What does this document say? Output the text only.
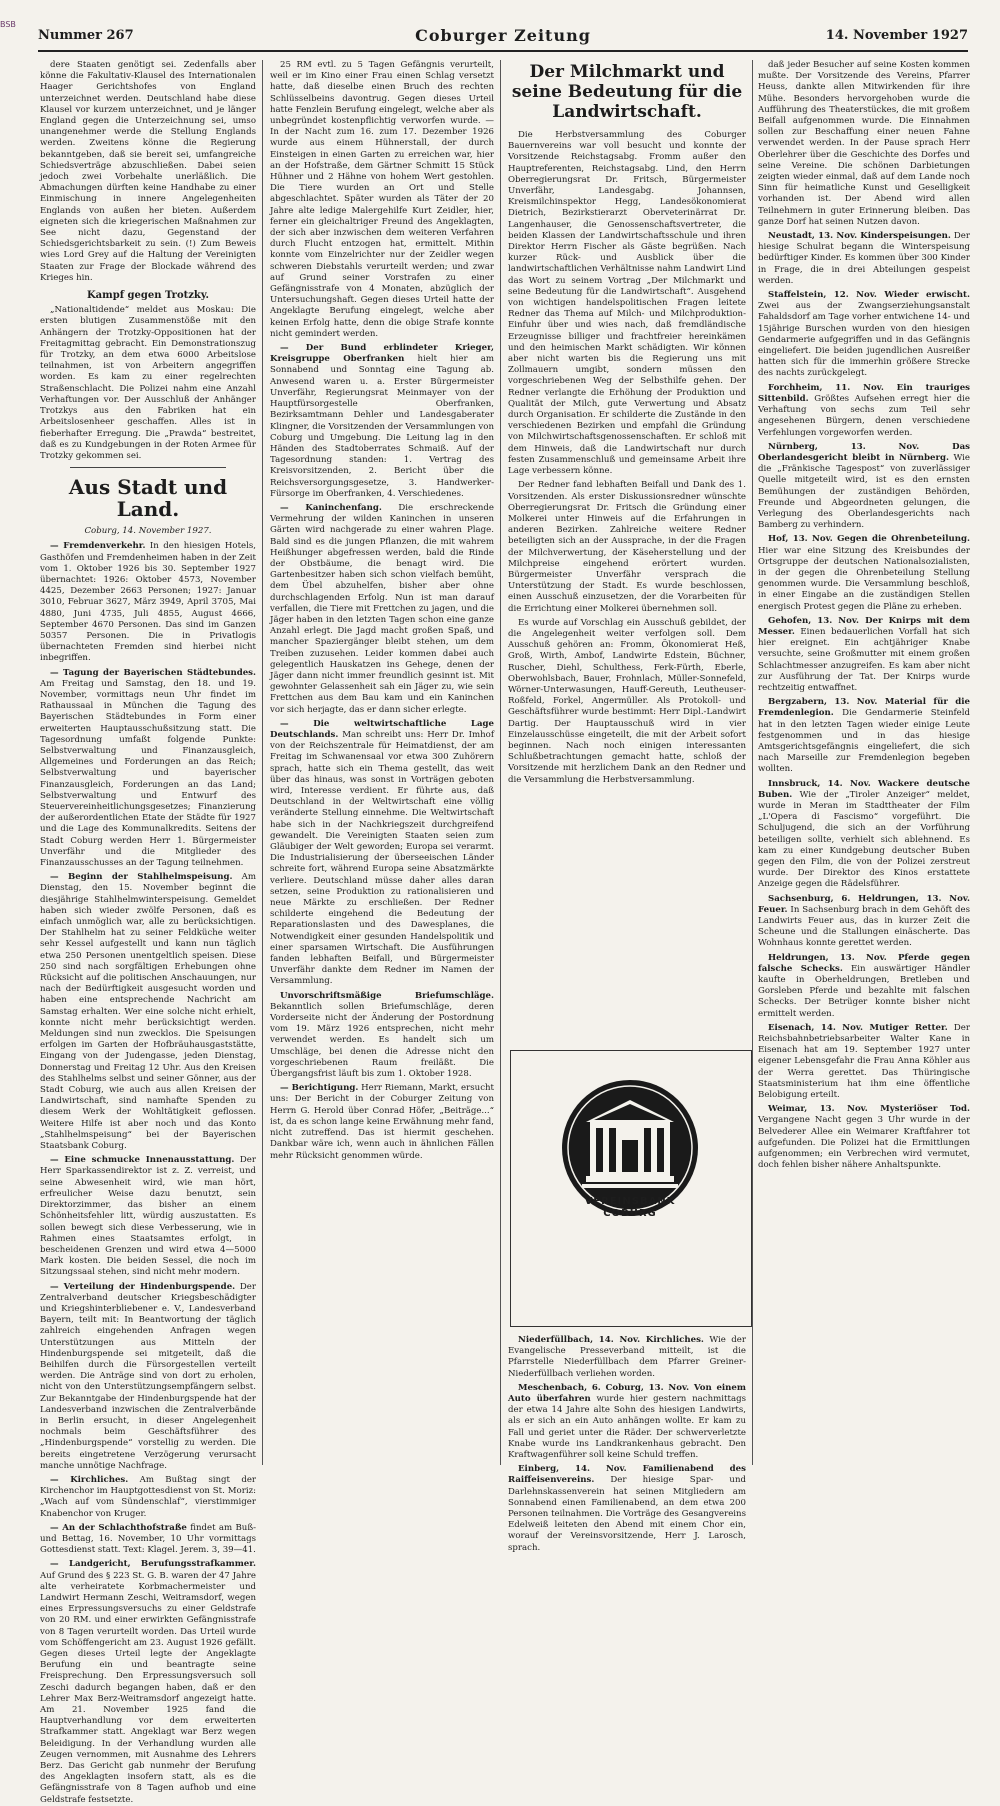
BSB
Nummer 267	Coburger Zeitung	14. November 1927

dere Staaten genötigt sei. Zedenfalls aber könne die Fakultativ-Klausel des Internationalen Haager Gerichtshofes von England unterzeichnet werden. Deutschland habe diese Klausel vor kurzem unterzeichnet, und je länger England gegen die Unterzeichnung sei, umso unangenehmer werde die Stellung Englands werden. Zweitens könne die Regierung bekanntgeben, daß sie bereit sei, umfangreiche Schiedsverträge abzuschließen. Dabei seien jedoch zwei Vorbehalte unerläßlich. Die Abmachungen dürften keine Handhabe zu einer Einmischung in innere Angelegenheiten Englands von außen her bieten. Außerdem eigneten sich die kriegerischen Maßnahmen zur See nicht dazu, Gegenstand der Schiedsgerichtsbarkeit zu sein. (!) Zum Beweis wies Lord Grey auf die Haltung der Vereinigten Staaten zur Frage der Blockade während des Krieges hin.

Kampf gegen Trotzky.

„Nationaltidende“ meldet aus Moskau: Die ersten blutigen Zusammenstöße mit den Anhängern der Trotzky-Oppositionen hat der Freitagmittag gebracht. Ein Demonstrationszug für Trotzky, an dem etwa 6000 Arbeitslose teilnahmen, ist von Arbeitern angegriffen worden. Es kam zu einer regelrechten Straßenschlacht. Die Polizei nahm eine Anzahl Verhaftungen vor. Der Ausschluß der Anhänger Trotzkys aus den Fabriken hat ein Arbeitslosenheer geschaffen. Alles ist in fieberhafter Erregung. Die „Prawda“ bestreitet, daß es zu Kundgebungen in der Roten Armee für Trotzky gekommen sei.

Aus Stadt und Land.
Coburg, 14. November 1927.

— Fremdenverkehr. In den hiesigen Hotels, Gasthöfen und Fremdenheimen haben in der Zeit vom 1. Oktober 1926 bis 30. September 1927 übernachtet: 1926: Oktober 4573, November 4425, Dezember 2663 Personen; 1927: Januar 3010, Februar 3627, März 3949, April 3705, Mai 4880, Juni 4735, Juli 4855, August 4666, September 4670 Personen. Das sind im Ganzen 50357 Personen. Die in Privatlogis übernachteten Fremden sind hierbei nicht inbegriffen.

— Tagung der Bayerischen Städtebundes. Am Freitag und Samstag, den 18. und 19. November, vormittags neun Uhr findet im Rathaussaal in München die Tagung des Bayerischen Städtebundes in Form einer erweiterten Hauptausschußsitzung statt. Die Tagesordnung umfaßt folgende Punkte: Selbstverwaltung und Finanzausgleich, Allgemeines und Forderungen an das Reich; Selbstverwaltung und bayerischer Finanzausgleich, Forderungen an das Land; Selbstverwaltung und Entwurf des Steuervereinheitlichungsgesetzes; Finanzierung der außerordentlichen Etate der Städte für 1927 und die Lage des Kommunalkredits. Seitens der Stadt Coburg werden Herr 1. Bürgermeister Unverfähr und die Mitglieder des Finanzausschusses an der Tagung teilnehmen.

— Beginn der Stahlhelmspeisung. Am Dienstag, den 15. November beginnt die diesjährige Stahlhelmwinterspeisung. Gemeldet haben sich wieder zwölfe Personen, daß es einfach unmöglich war, alle zu berücksichtigen. Der Stahlhelm hat zu seiner Feldküche weiter sehr Kessel aufgestellt und kann nun täglich etwa 250 Personen unentgeltlich speisen. Diese 250 sind nach sorgfältigen Erhebungen ohne Rücksicht auf die politischen Anschauungen, nur nach der Bedürftigkeit ausgesucht worden und haben eine entsprechende Nachricht am Samstag erhalten. Wer eine solche nicht erhielt, konnte nicht mehr berücksichtigt werden. Meldungen sind nun zwecklos. Die Speisungen erfolgen im Garten der Hofbräuhausgaststätte, Eingang von der Judengasse, jeden Dienstag, Donnerstag und Freitag 12 Uhr. Aus den Kreisen des Stahlhelms selbst und seiner Gönner, aus der Stadt Coburg, wie auch aus allen Kreisen der Landwirtschaft, sind namhafte Spenden zu diesem Werk der Wohltätigkeit geflossen. Weitere Hilfe ist aber noch und das Konto „Stahlhelmspeisung“ bei der Bayerischen Staatsbank Coburg.

— Eine schmucke Innenausstattung. Der Herr Sparkassendirektor ist z. Z. verreist, und seine Abwesenheit wird, wie man hört, erfreulicher Weise dazu benutzt, sein Direktorzimmer, das bisher an einem Schönheitsfehler litt, würdig auszustatten. Es sollen bewegt sich diese Verbesserung, wie in Rahmen eines Staatsamtes erfolgt, in bescheidenen Grenzen und wird etwa 4—5000 Mark kosten. Die beiden Sessel, die noch im Sitzungssaal stehen, sind nicht mehr modern.

— Verteilung der Hindenburgspende. Der Zentralverband deutscher Kriegsbeschädigter und Kriegshinterbliebener e. V., Landesverband Bayern, teilt mit: In Beantwortung der täglich zahlreich eingehenden Anfragen wegen Unterstützungen aus Mitteln der Hindenburgspende sei mitgeteilt, daß die Beihilfen durch die Fürsorgestellen verteilt werden. Die Anträge sind von dort zu erholen, nicht von den Unterstützungsempfängern selbst. Zur Bekanntgabe der Hindenburgspende hat der Landesverband inzwischen die Zentralverbände in Berlin ersucht, in dieser Angelegenheit nochmals beim Geschäftsführer des „Hindenburgspende“ vorstellig zu werden. Die bereits eingetretene Verzögerung verursacht manche unnötige Nachfrage.

— Kirchliches. Am Bußtag singt der Kirchenchor im Hauptgottesdienst von St. Moriz: „Wach auf vom Sündenschlaf“, vierstimmiger Knabenchor von Kruger.

— An der Schlachthofstraße findet am Buß- und Bettag, 16. November, 10 Uhr vormittags Gottesdienst statt. Text: Klagel. Jerem. 3, 39—41.

— Landgericht, Berufungsstrafkammer. Auf Grund des § 223 St. G. B. waren der 47 Jahre alte verheiratete Korbmachermeister und Landwirt Hermann Zeschi, Weitramsdorf, wegen eines Erpressungsversuchs zu einer Geldstrafe von 20 RM. und einer erwirkten Gefängnisstrafe von 8 Tagen verurteilt worden. Das Urteil wurde vom Schöffengericht am 23. August 1926 gefällt. Gegen dieses Urteil legte der Angeklagte Berufung ein und beantragte seine Freisprechung. Den Erpressungsversuch soll Zeschi dadurch begangen haben, daß er den Lehrer Max Berz-Weitramsdorf angezeigt hatte. Am 21. November 1925 fand die Hauptverhandlung vor dem erweiterten Strafkammer statt. Angeklagt war Berz wegen Beleidigung. In der Verhandlung wurden alle Zeugen vernommen, mit Ausnahme des Lehrers Berz. Das Gericht gab nunmehr der Berufung des Angeklagten insofern statt, als es die Gefängnisstrafe von 8 Tagen aufhob und eine Geldstrafe festsetzte.

25 RM evtl. zu 5 Tagen Gefängnis verurteilt, weil er im Kino einer Frau einen Schlag versetzt hatte, daß dieselbe einen Bruch des rechten Schlüsselbeins davontrug. Gegen dieses Urteil hatte Fenzlein Berufung eingelegt, welche aber als unbegründet kostenpflichtig verworfen wurde. — In der Nacht zum 16. zum 17. Dezember 1926 wurde aus einem Hühnerstall, der durch Einsteigen in einen Garten zu erreichen war, hier an der Hofstraße, dem Gärtner Schmitt 15 Stück Hühner und 2 Hähne von hohem Wert gestohlen. Die Tiere wurden an Ort und Stelle abgeschlachtet. Später wurden als Täter der 20 Jahre alte ledige Malergehilfe Kurt Zeidler, hier, ferner ein gleichaltriger Freund des Angeklagten, der sich aber inzwischen dem weiteren Verfahren durch Flucht entzogen hat, ermittelt. Mithin konnte vom Einzelrichter nur der Zeidler wegen schweren Diebstahls verurteilt werden; und zwar auf Grund seiner Vorstrafen zu einer Gefängnisstrafe von 4 Monaten, abzüglich der Untersuchungshaft. Gegen dieses Urteil hatte der Angeklagte Berufung eingelegt, welche aber keinen Erfolg hatte, denn die obige Strafe konnte nicht gemindert werden.

— Der Bund erblindeter Krieger, Kreisgruppe Oberfranken hielt hier am Sonnabend und Sonntag eine Tagung ab. Anwesend waren u. a. Erster Bürgermeister Unverfähr, Regierungsrat Meinmayer von der Hauptfürsorgestelle Oberfranken, Bezirksamtmann Dehler und Landesgaberater Klingner, die Vorsitzenden der Versammlungen von Coburg und Umgebung. Die Leitung lag in den Händen des Stadtoberrates Schmaiß. Auf der Tagesordnung standen: 1. Vertrag des Kreisvorsitzenden, 2. Bericht über die Reichsversorgungsgesetze, 3. Handwerker-Fürsorge im Oberfranken, 4. Verschiedenes.

— Kaninchenfang. Die erschreckende Vermehrung der wilden Kaninchen in unseren Gärten wird nachgerade zu einer wahren Plage. Bald sind es die jungen Pflanzen, die mit wahrem Heißhunger abgefressen werden, bald die Rinde der Obstbäume, die benagt wird. Die Gartenbesitzer haben sich schon vielfach bemüht, dem Übel abzuhelfen, bisher aber ohne durchschlagenden Erfolg. Nun ist man darauf verfallen, die Tiere mit Frettchen zu jagen, und die Jäger haben in den letzten Tagen schon eine ganze Anzahl erlegt. Die Jagd macht großen Spaß, und mancher Spaziergänger bleibt stehen, um dem Treiben zuzusehen. Leider kommen dabei auch gelegentlich Hauskatzen ins Gehege, denen der Jäger dann nicht immer freundlich gesinnt ist. Mit gewohnter Gelassenheit sah ein Jäger zu, wie sein Frettchen aus dem Bau kam und ein Kaninchen vor sich herjagte, das er dann sicher erlegte.

— Die weltwirtschaftliche Lage Deutschlands. Man schreibt uns: Herr Dr. Imhof von der Reichszentrale für Heimatdienst, der am Freitag im Schwanensaal vor etwa 300 Zuhörern sprach, hatte sich ein Thema gestellt, das weit über das hinaus, was sonst in Vorträgen geboten wird, Interesse verdient. Er führte aus, daß Deutschland in der Weltwirtschaft eine völlig veränderte Stellung einnehme. Die Weltwirtschaft habe sich in der Nachkriegszeit durchgreifend gewandelt. Die Vereinigten Staaten seien zum Gläubiger der Welt geworden; Europa sei verarmt. Die Industrialisierung der überseeischen Länder schreite fort, während Europa seine Absatzmärkte verliere. Deutschland müsse daher alles daran setzen, seine Produktion zu rationalisieren und neue Märkte zu erschließen. Der Redner schilderte eingehend die Bedeutung der Reparationslasten und des Dawesplanes, die Notwendigkeit einer gesunden Handelspolitik und einer sparsamen Wirtschaft. Die Ausführungen fanden lebhaften Beifall, und Bürgermeister Unverfähr dankte dem Redner im Namen der Versammlung.

Unvorschriftsmäßige Briefumschläge. Bekanntlich sollen Briefumschläge, deren Vorderseite nicht der Änderung der Postordnung vom 19. März 1926 entsprechen, nicht mehr verwendet werden. Es handelt sich um Umschläge, bei denen die Adresse nicht den vorgeschriebenen Raum freiläßt. Die Übergangsfrist läuft bis zum 1. Oktober 1928.

— Berichtigung. Herr Riemann, Markt, ersucht uns: Der Bericht in der Coburger Zeitung von Herrn G. Herold über Conrad Höfer, „Beiträge...“ ist, da es schon lange keine Erwähnung mehr fand, nicht zutreffend. Das ist hiermit geschehen. Dankbar wäre ich, wenn auch in ähnlichen Fällen mehr Rücksicht genommen würde.

Der Milchmarkt und seine Bedeutung für die Landwirtschaft.

Die Herbstversammlung des Coburger Bauernvereins war voll besucht und konnte der Vorsitzende Reichstagsabg. Fromm außer den Hauptreferenten, Reichstagsabg. Lind, den Herrn Oberregierungsrat Dr. Fritsch, Bürgermeister Unverfähr, Landesgabg. Johannsen, Kreismilchinspektor Hegg, Landesökonomierat Dietrich, Bezirkstierarzt Oberveterinärrat Dr. Langenhauser, die Genossenschaftsvertreter, die beiden Klassen der Landwirtschaftsschule und ihren Direktor Herrn Fischer als Gäste begrüßen. Nach kurzer Rück- und Ausblick über die landwirtschaftlichen Verhältnisse nahm Landwirt Lind das Wort zu seinem Vortrag „Der Milchmarkt und seine Bedeutung für die Landwirtschaft“. Ausgehend von wichtigen handelspolitischen Fragen leitete Redner das Thema auf Milch- und Milchproduktion-Einfuhr über und wies nach, daß fremdländische Erzeugnisse billiger und frachtfreier hereinkämen und den heimischen Markt schädigten. Wir können aber nicht warten bis die Regierung uns mit Zollmauern umgibt, sondern müssen den vorgeschriebenen Weg der Selbsthilfe gehen. Der Redner verlangte die Erhöhung der Produktion und Qualität der Milch, gute Verwertung und Absatz durch Organisation. Er schilderte die Zustände in den verschiedenen Bezirken und empfahl die Gründung von Milchwirtschaftsgenossenschaften. Er schloß mit dem Hinweis, daß die Landwirtschaft nur durch festen Zusammenschluß und gemeinsame Arbeit ihre Lage verbessern könne.

Der Redner fand lebhaften Beifall und Dank des 1. Vorsitzenden. Als erster Diskussionsredner wünschte Oberregierungsrat Dr. Fritsch die Gründung einer Molkerei unter Hinweis auf die Erfahrungen in anderen Bezirken. Zahlreiche weitere Redner beteiligten sich an der Aussprache, in der die Fragen der Milchverwertung, der Käseherstellung und der Milchpreise eingehend erörtert wurden. Bürgermeister Unverfähr versprach die Unterstützung der Stadt. Es wurde beschlossen, einen Ausschuß einzusetzen, der die Vorarbeiten für die Errichtung einer Molkerei übernehmen soll.

Es wurde auf Vorschlag ein Ausschuß gebildet, der die Angelegenheit weiter verfolgen soll. Dem Ausschuß gehören an: Fromm, Ökonomierat Heß, Groß, Wirth, Ambof, Landwirte Edstein, Büchner, Ruscher, Diehl, Schulthess, Ferk-Fürth, Eberle, Oberwohlsbach, Bauer, Frohnlach, Müller-Sonnefeld, Wörner-Unterwasungen, Hauff-Gereuth, Leutheuser-Roßfeld, Forkel, Angermüller. Als Protokoll- und Geschäftsführer wurde bestimmt: Herr Dipl.-Landwirt Dartig. Der Hauptausschuß wird in vier Einzelausschüsse eingeteilt, die mit der Arbeit sofort beginnen. Nach noch einigen interessanten Schlußbetrachtungen gemacht hatte, schloß der Vorsitzende mit herzlichem Dank an den Redner und die Versammlung die Herbstversammlung.

VEREINSBANK
COBURG

Niederfüllbach, 14. Nov. Kirchliches. Wie der Evangelische Presseverband mitteilt, ist die Pfarrstelle Niederfüllbach dem Pfarrer Greiner-Niederfüllbach verliehen worden.

Meschenbach, 6. Coburg, 13. Nov. Von einem Auto überfahren wurde hier gestern nachmittags der etwa 14 Jahre alte Sohn des hiesigen Landwirts, als er sich an ein Auto anhängen wollte. Er kam zu Fall und geriet unter die Räder. Der schwerverletzte Knabe wurde ins Landkrankenhaus gebracht. Den Kraftwagenführer soll keine Schuld treffen.

Einberg, 14. Nov. Familienabend des Raiffeisenvereins. Der hiesige Spar- und Darlehnskassenverein hat seinen Mitgliedern am Sonnabend einen Familienabend, an dem etwa 200 Personen teilnahmen. Die Vorträge des Gesangvereins Edelweiß leiteten den Abend mit einem Chor ein, worauf der Vereinsvorsitzende, Herr J. Larosch, sprach.

daß jeder Besucher auf seine Kosten kommen mußte. Der Vorsitzende des Vereins, Pfarrer Heuss, dankte allen Mitwirkenden für ihre Mühe. Besonders hervorgehoben wurde die Aufführung des Theaterstückes, die mit großem Beifall aufgenommen wurde. Die Einnahmen sollen zur Beschaffung einer neuen Fahne verwendet werden. In der Pause sprach Herr Oberlehrer über die Geschichte des Dorfes und seine Vereine. Die schönen Darbietungen zeigten wieder einmal, daß auf dem Lande noch Sinn für heimatliche Kunst und Geselligkeit vorhanden ist. Der Abend wird allen Teilnehmern in guter Erinnerung bleiben. Das ganze Dorf hat seinen Nutzen davon.

Neustadt, 13. Nov. Kinderspeisungen. Der hiesige Schulrat begann die Winterspeisung bedürftiger Kinder. Es kommen über 300 Kinder in Frage, die in drei Abteilungen gespeist werden.

Staffelstein, 12. Nov. Wieder erwischt. Zwei aus der Zwangserziehungsanstalt Fahaldsdorf am Tage vorher entwichene 14- und 15jährige Burschen wurden von den hiesigen Gendarmerie aufgegriffen und in das Gefängnis eingeliefert. Die beiden jugendlichen Ausreißer hatten sich für die immerhin größere Strecke des nachts zurückgelegt.

Forchheim, 11. Nov. Ein trauriges Sittenbild. Größtes Aufsehen erregt hier die Verhaftung von sechs zum Teil sehr angesehenen Bürgern, denen verschiedene Verfehlungen vorgeworfen werden.

Nürnberg, 13. Nov. Das Oberlandesgericht bleibt in Nürnberg. Wie die „Fränkische Tagespost“ von zuverlässiger Quelle mitgeteilt wird, ist es den ernsten Bemühungen der zuständigen Behörden, Freunde und Abgeordneten gelungen, die Verlegung des Oberlandesgerichts nach Bamberg zu verhindern.

Hof, 13. Nov. Gegen die Ohrenbeteilung. Hier war eine Sitzung des Kreisbundes der Ortsgruppe der deutschen Nationalsozialisten, in der gegen die Ohrenbeteilung Stellung genommen wurde. Die Versammlung beschloß, in einer Eingabe an die zuständigen Stellen energisch Protest gegen die Pläne zu erheben.

Gehofen, 13. Nov. Der Knirps mit dem Messer. Einen bedauerlichen Vorfall hat sich hier ereignet. Ein achtjähriger Knabe versuchte, seine Großmutter mit einem großen Schlachtmesser anzugreifen. Es kam aber nicht zur Ausführung der Tat. Der Knirps wurde rechtzeitig entwaffnet.

Bergzabern, 13. Nov. Material für die Fremdenlegion. Die Gendarmerie Steinfeld hat in den letzten Tagen wieder einige Leute festgenommen und in das hiesige Amtsgerichtsgefängnis eingeliefert, die sich nach Marseille zur Fremdenlegion begeben wollten.

Innsbruck, 14. Nov. Wackere deutsche Buben. Wie der „Tiroler Anzeiger“ meldet, wurde in Meran im Stadttheater der Film „L'Opera di Fascismo“ vorgeführt. Die Schuljugend, die sich an der Vorführung beteiligen sollte, verhielt sich ablehnend. Es kam zu einer Kundgebung deutscher Buben gegen den Film, die von der Polizei zerstreut wurde. Der Direktor des Kinos erstattete Anzeige gegen die Rädelsführer.

Sachsenburg, 6. Heldrungen, 13. Nov. Feuer. In Sachsenburg brach in dem Gehöft des Landwirts Feuer aus, das in kurzer Zeit die Scheune und die Stallungen einäscherte. Das Wohnhaus konnte gerettet werden.

Heldrungen, 13. Nov. Pferde gegen falsche Schecks. Ein auswärtiger Händler kaufte in Oberheldrungen, Bretleben und Gorsleben Pferde und bezahlte mit falschen Schecks. Der Betrüger konnte bisher nicht ermittelt werden.

Eisenach, 14. Nov. Mutiger Retter. Der Reichsbahnbetriebsarbeiter Walter Kane in Eisenach hat am 19. September 1927 unter eigener Lebensgefahr die Frau Anna Köhler aus der Werra gerettet. Das Thüringische Staatsministerium hat ihm eine öffentliche Belobigung erteilt.

Weimar, 13. Nov. Mysteriöser Tod. Vergangene Nacht gegen 3 Uhr wurde in der Belvederer Allee ein Weimarer Kraftfahrer tot aufgefunden. Die Polizei hat die Ermittlungen aufgenommen; ein Verbrechen wird vermutet, doch fehlen bisher nähere Anhaltspunkte.
